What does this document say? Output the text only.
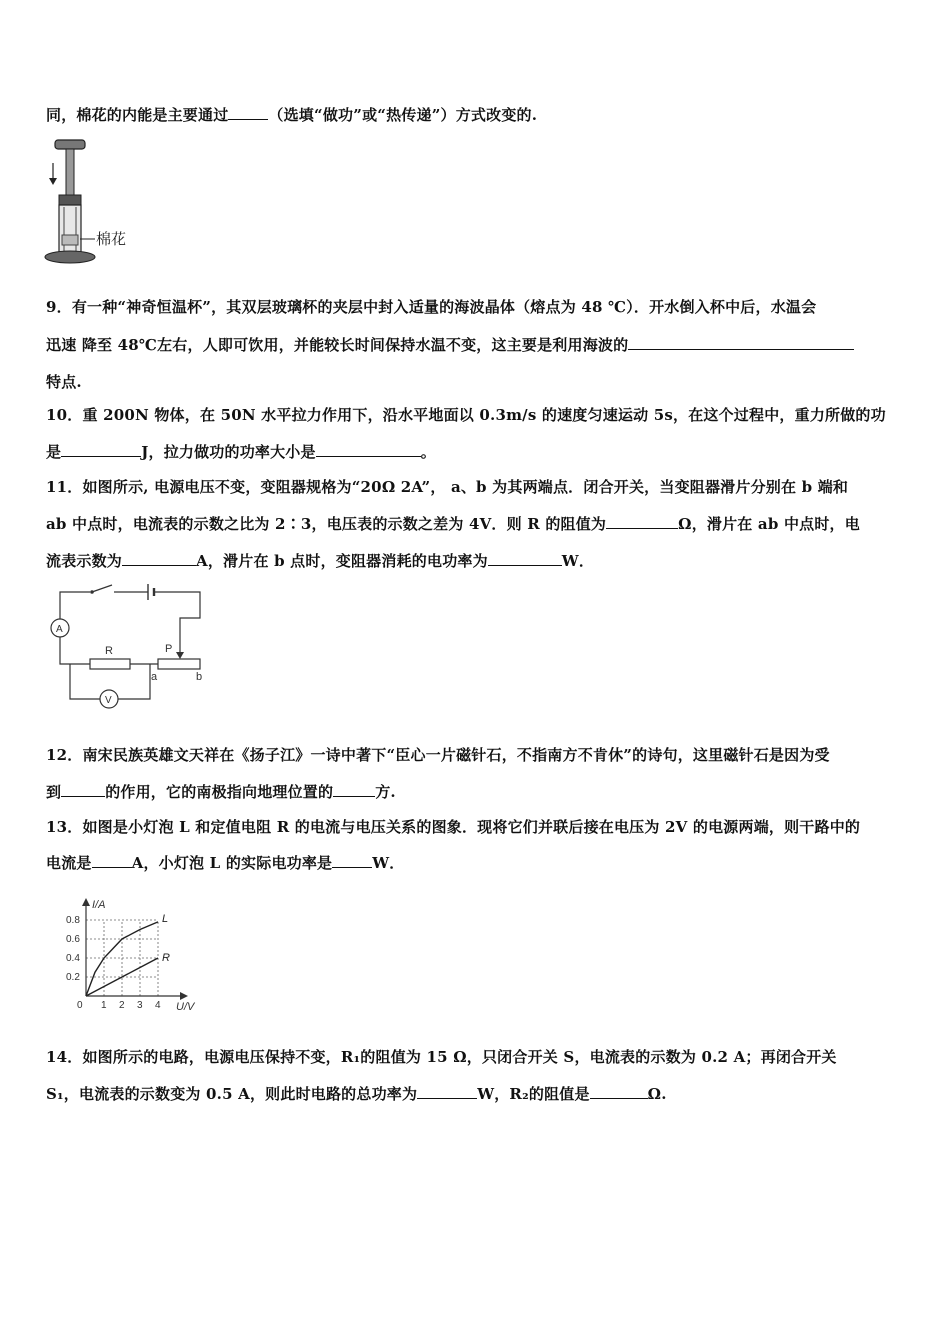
同，棉花的内能是主要通过	（选填“做功”或“热传递”）方式改变的.
棉花
9．有一种“神奇恒温杯”，其双层玻璃杯的夹层中封入适量的海波晶体（熔点为 48 ℃）．开水倒入杯中后，水温会
迅速 降至 48℃左右，人即可饮用，并能较长时间保持水温不变，这主要是利用海波的
特点.
10．重 200N 物体，在 50N 水平拉力作用下，沿水平地面以 0.3m/s 的速度匀速运动 5s，在这个过程中，重力所做的功
是	J，拉力做功的功率大小是	。
11．如图所示, 电源电压不变，变阻器规格为“20Ω 2A”， a、b 为其两端点．闭合开关，当变阻器滑片分别在 b 端和
ab 中点时，电流表的示数之比为 2∶3，电压表的示数之差为 4V．则 R 的阻值为	Ω，滑片在 ab 中点时，电
流表示数为	A，滑片在 b 点时，变阻器消耗的电功率为	W．
P
A
R
a	b
V
12．南宋民族英雄文天祥在《扬子江》一诗中著下“臣心一片磁针石，不指南方不肯休”的诗句，这里磁针石是因为受
到	的作用，它的南极指向地理位置的	方.
13．如图是小灯泡 L 和定值电阻 R 的电流与电压关系的图象．现将它们并联后接在电压为 2V 的电源两端，则干路中的
电流是	A，小灯泡 L 的实际电功率是	W．
I/A
U/V
0 1 2 3 4
0.2
0.4
0.6
0.8	L
R
14．如图所示的电路，电源电压保持不变，R₁的阻值为 15 Ω，只闭合开关 S，电流表的示数为 0.2 A；再闭合开关
S₁，电流表的示数变为 0.5 A，则此时电路的总功率为	W，R₂的阻值是	Ω.
